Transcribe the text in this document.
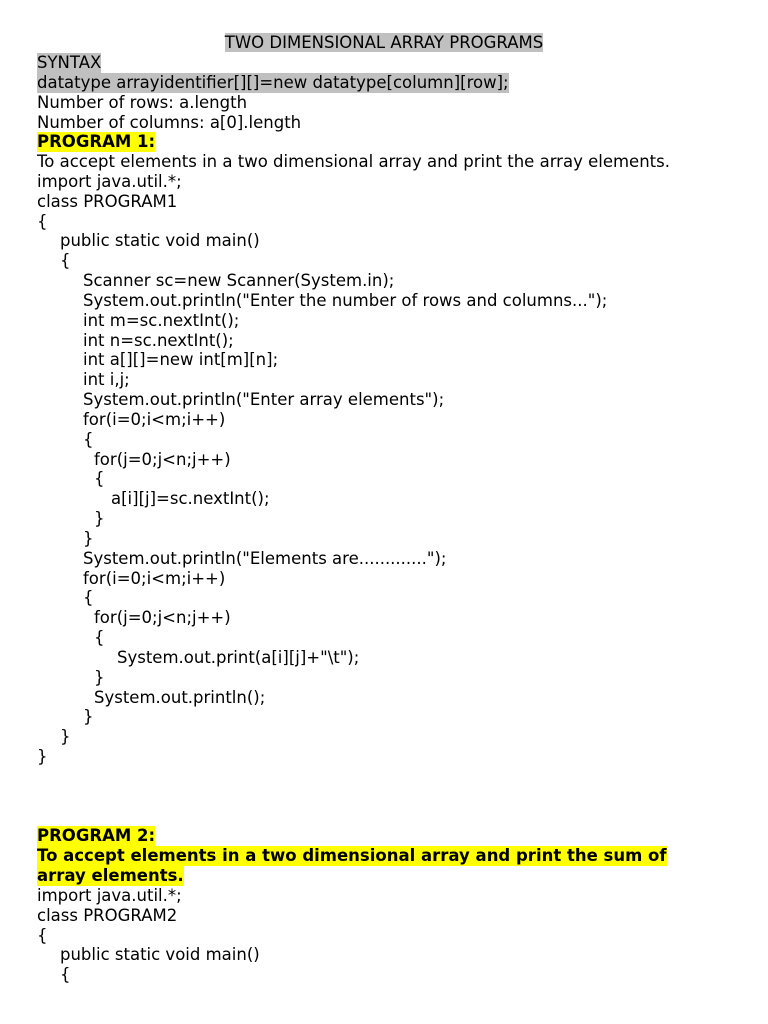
TWO DIMENSIONAL ARRAY PROGRAMS
SYNTAX
datatype arrayidentifier[][]=new datatype[column][row];
Number of rows: a.length
Number of columns: a[0].length
PROGRAM 1:
To accept elements in a two dimensional array and print the array elements.
import java.util.*;
class PROGRAM1
{
public static void main()
{
Scanner sc=new Scanner(System.in);
System.out.println("Enter the number of rows and columns...");
int m=sc.nextInt();
int n=sc.nextInt();
int a[][]=new int[m][n];
int i,j;
System.out.println("Enter array elements");
for(i=0;i<m;i++)
{
for(j=0;j<n;j++)
{
a[i][j]=sc.nextInt();
}
}
System.out.println("Elements are.............");
for(i=0;i<m;i++)
{
for(j=0;j<n;j++)
{
System.out.print(a[i][j]+"\t");
}
System.out.println();
}
}
}
PROGRAM 2:
To accept elements in a two dimensional array and print the sum of
array elements.
import java.util.*;
class PROGRAM2
{
public static void main()
{
